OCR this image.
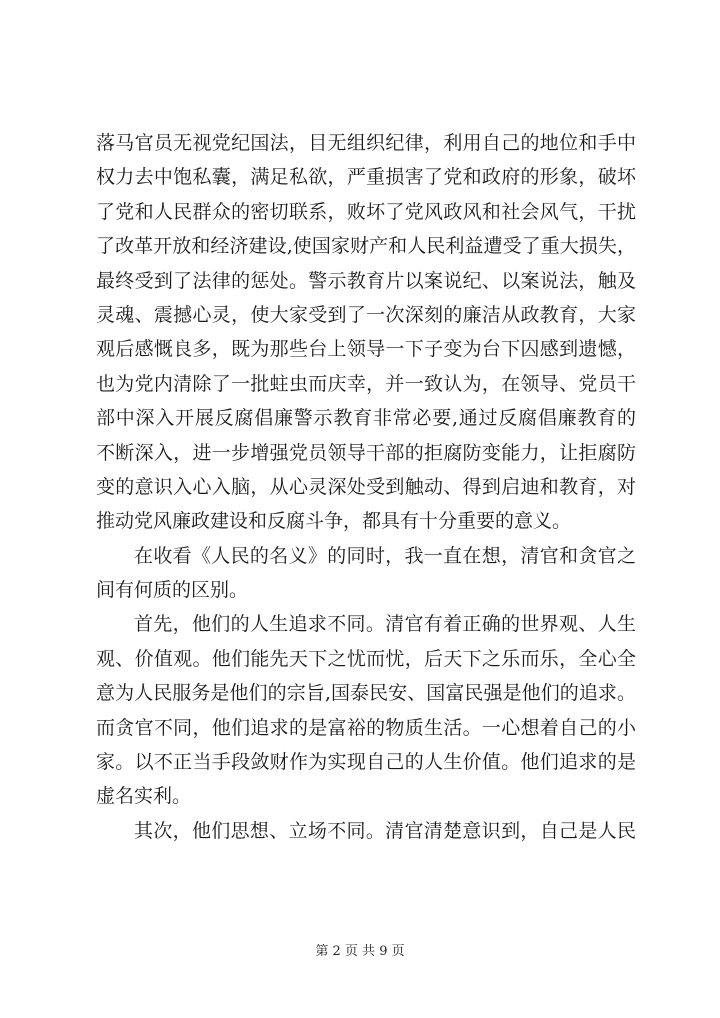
落马官员无视党纪国法，目无组织纪律，利用自己的地位和手中
权力去中饱私囊，满足私欲，严重损害了党和政府的形象，破坏
了党和人民群众的密切联系，败坏了党风政风和社会风气，干扰
了改革开放和经济建设,使国家财产和人民利益遭受了重大损失，
最终受到了法律的惩处。警示教育片以案说纪、以案说法，触及
灵魂、震撼心灵，使大家受到了一次深刻的廉洁从政教育，大家
观后感慨良多，既为那些台上领导一下子变为台下囚感到遗憾，
也为党内清除了一批蛀虫而庆幸，并一致认为，在领导、党员干
部中深入开展反腐倡廉警示教育非常必要,通过反腐倡廉教育的
不断深入，进一步增强党员领导干部的拒腐防变能力，让拒腐防
变的意识入心入脑，从心灵深处受到触动、得到启迪和教育，对
推动党风廉政建设和反腐斗争，都具有十分重要的意义。
在收看《人民的名义》的同时，我一直在想，清官和贪官之
间有何质的区别。
首先，他们的人生追求不同。清官有着正确的世界观、人生
观、价值观。他们能先天下之忧而忧，后天下之乐而乐，全心全
意为人民服务是他们的宗旨,国泰民安、国富民强是他们的追求。
而贪官不同，他们追求的是富裕的物质生活。一心想着自己的小
家。以不正当手段敛财作为实现自己的人生价值。他们追求的是
虚名实利。
其次，他们思想、立场不同。清官清楚意识到，自己是人民
第 2 页 共 9 页
